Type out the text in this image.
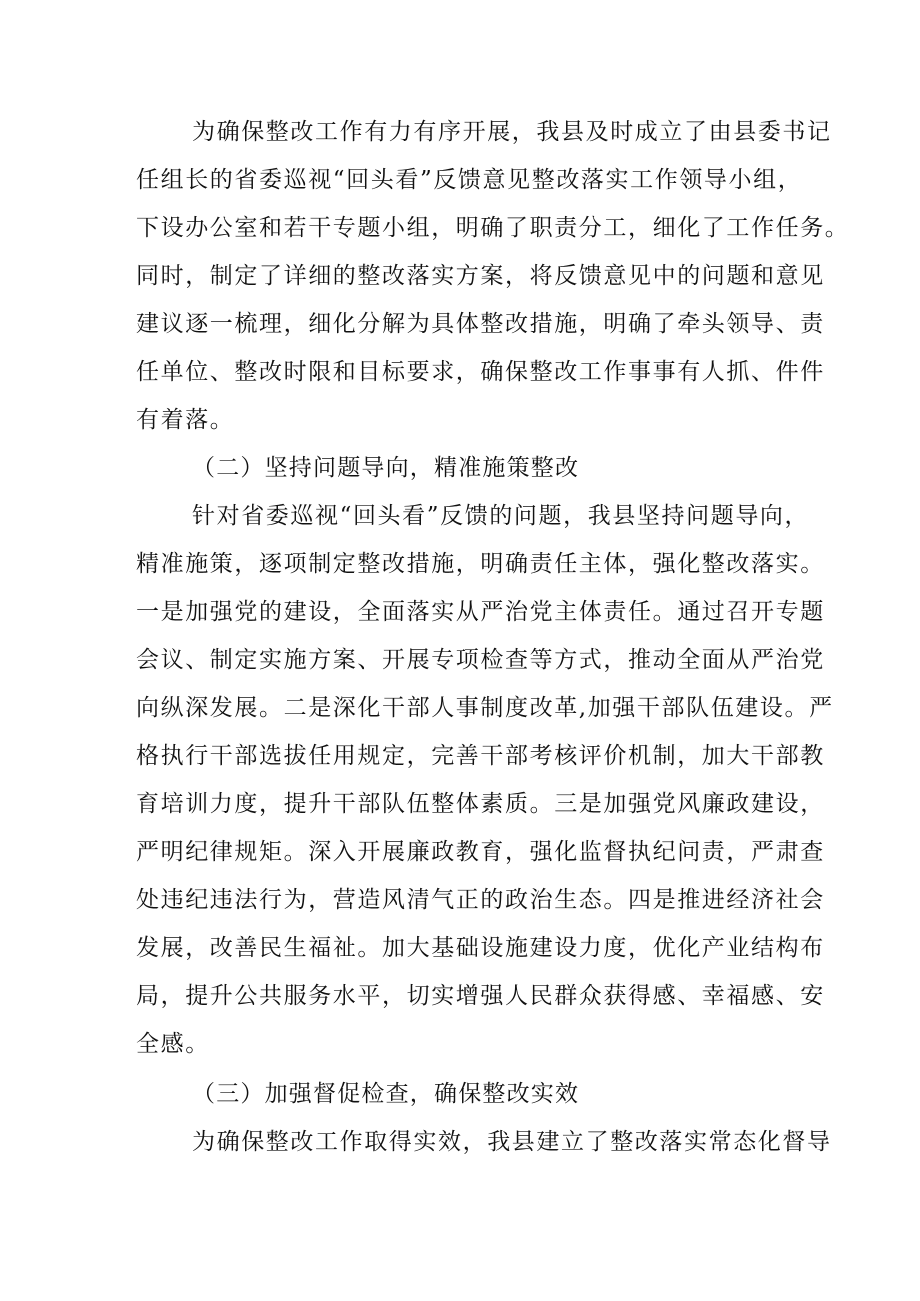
为确保整改工作有力有序开展，我县及时成立了由县委书记
任组长的省委巡视“回头看”反馈意见整改落实工作领导小组，
下设办公室和若干专题小组，明确了职责分工，细化了工作任务。
同时，制定了详细的整改落实方案，将反馈意见中的问题和意见
建议逐一梳理，细化分解为具体整改措施，明确了牵头领导、责
任单位、整改时限和目标要求，确保整改工作事事有人抓、件件
有着落。
（二）坚持问题导向，精准施策整改
针对省委巡视“回头看”反馈的问题，我县坚持问题导向，
精准施策，逐项制定整改措施，明确责任主体，强化整改落实。
一是加强党的建设，全面落实从严治党主体责任。通过召开专题
会议、制定实施方案、开展专项检查等方式，推动全面从严治党
向纵深发展。二是深化干部人事制度改革,加强干部队伍建设。严
格执行干部选拔任用规定，完善干部考核评价机制，加大干部教
育培训力度，提升干部队伍整体素质。三是加强党风廉政建设，
严明纪律规矩。深入开展廉政教育，强化监督执纪问责，严肃查
处违纪违法行为，营造风清气正的政治生态。四是推进经济社会
发展，改善民生福祉。加大基础设施建设力度，优化产业结构布
局，提升公共服务水平，切实增强人民群众获得感、幸福感、安
全感。
（三）加强督促检查，确保整改实效
为确保整改工作取得实效，我县建立了整改落实常态化督导
